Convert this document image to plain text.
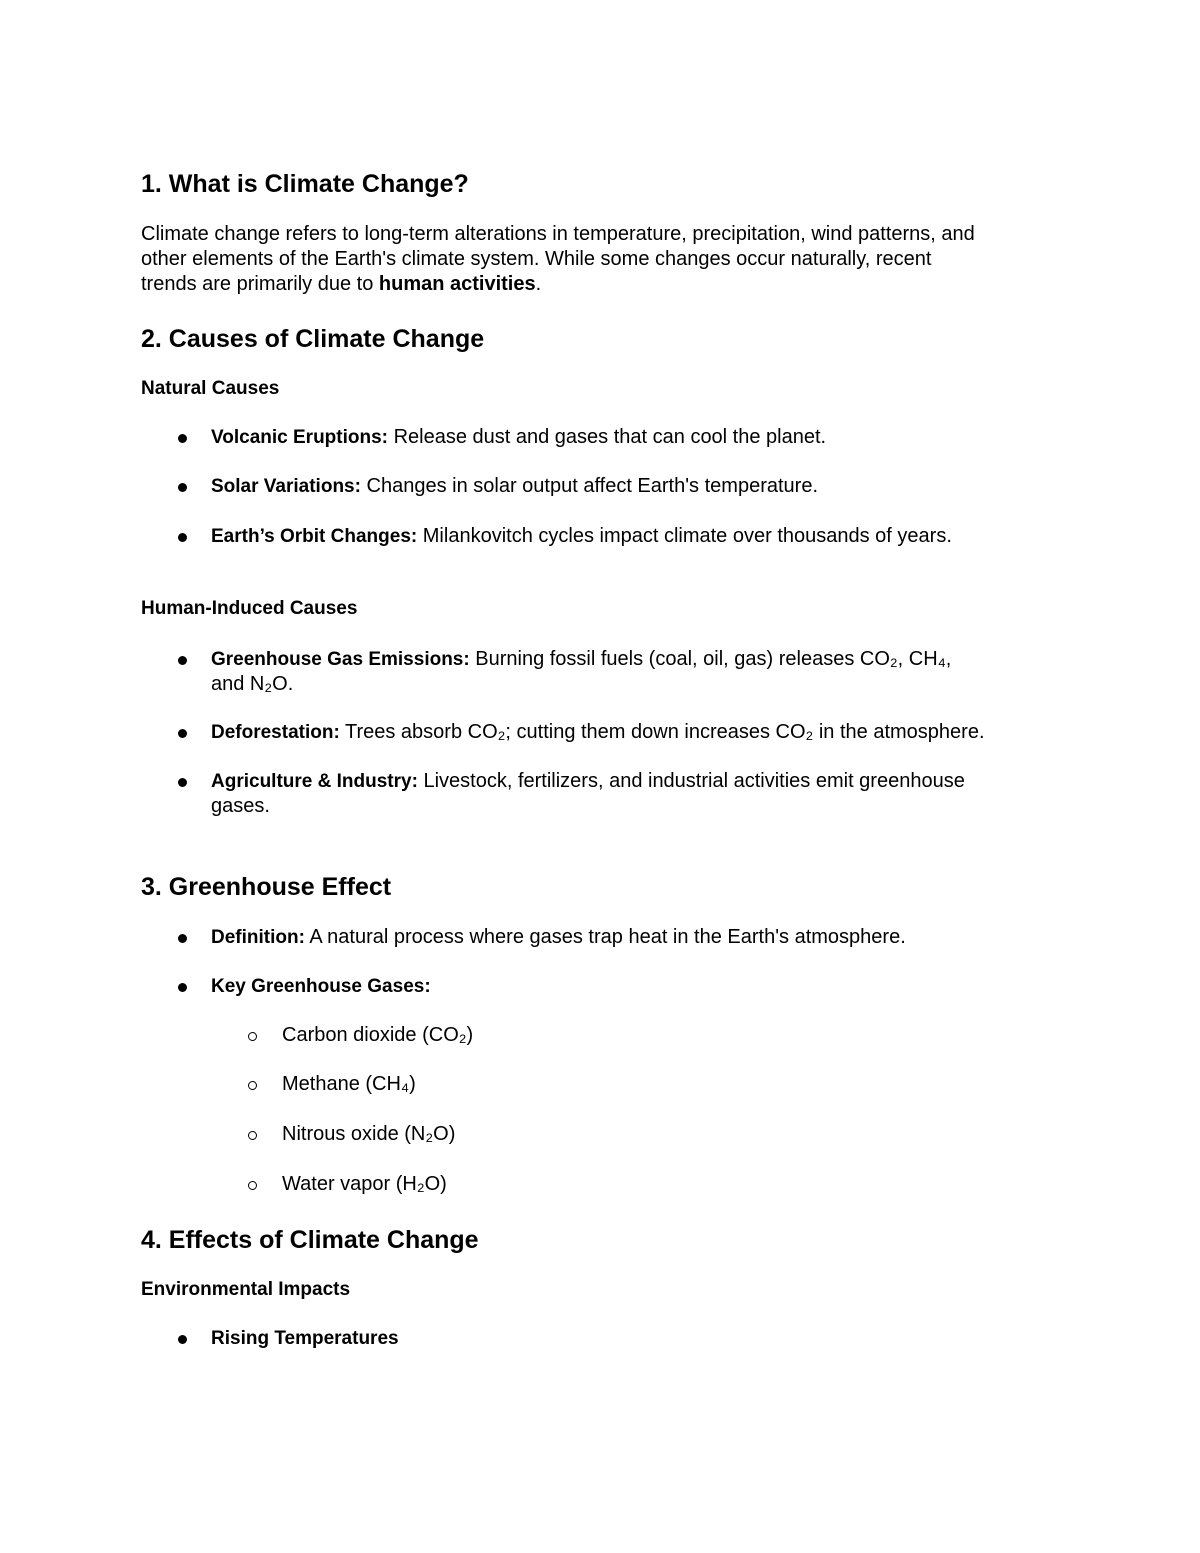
1. What is Climate Change?
Climate change refers to long-term alterations in temperature, precipitation, wind patterns, and
other elements of the Earth's climate system. While some changes occur naturally, recent
trends are primarily due to human activities.
2. Causes of Climate Change
Natural Causes
Volcanic Eruptions: Release dust and gases that can cool the planet.
Solar Variations: Changes in solar output affect Earth's temperature.
Earth’s Orbit Changes: Milankovitch cycles impact climate over thousands of years.
Human-Induced Causes
Greenhouse Gas Emissions: Burning fossil fuels (coal, oil, gas) releases CO₂, CH₄,
and N₂O.
Deforestation: Trees absorb CO₂; cutting them down increases CO₂ in the atmosphere.
Agriculture & Industry: Livestock, fertilizers, and industrial activities emit greenhouse
gases.
3. Greenhouse Effect
Definition: A natural process where gases trap heat in the Earth's atmosphere.
Key Greenhouse Gases:
Carbon dioxide (CO₂)
Methane (CH₄)
Nitrous oxide (N₂O)
Water vapor (H₂O)
4. Effects of Climate Change
Environmental Impacts
Rising Temperatures
